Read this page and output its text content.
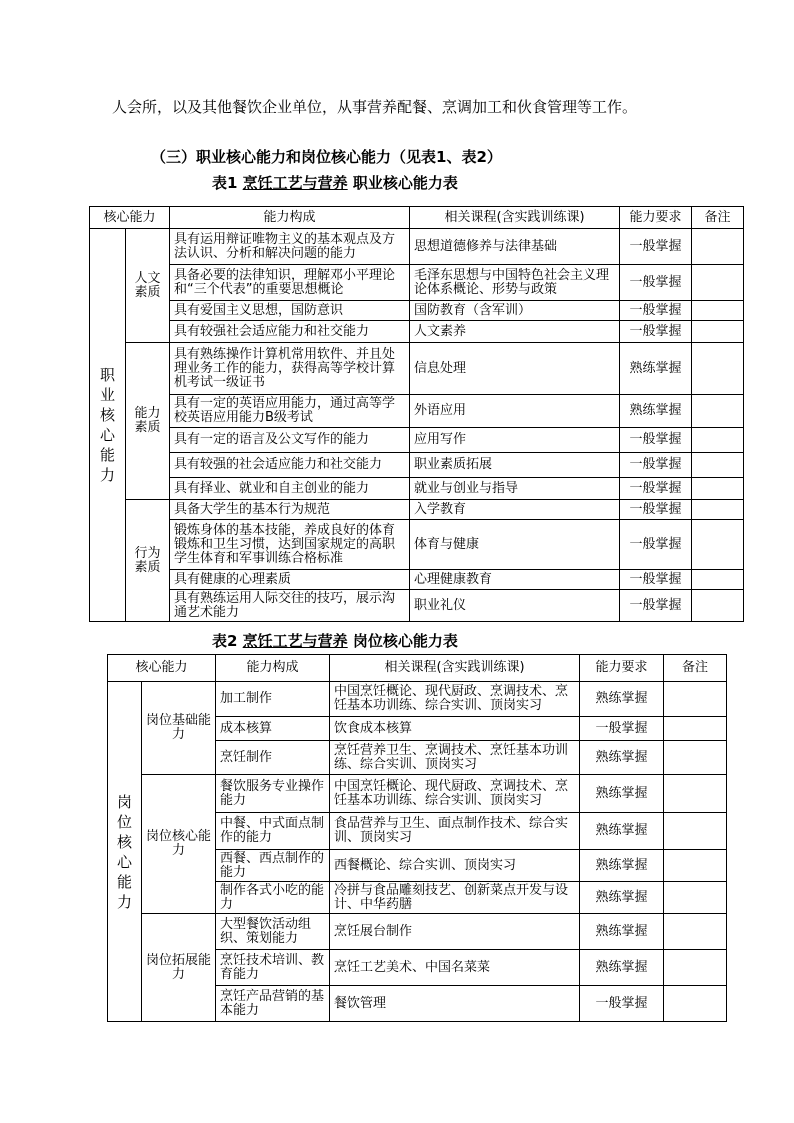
人会所，以及其他餐饮企业单位，从事营养配餐、烹调加工和伙食管理等工作。
（三）职业核心能力和岗位核心能力（见表1、表2）
表1 烹饪工艺与营养 职业核心能力表
核心能力		能力构成	相关课程(含实践训练课)	能力要求	备注
职业核心能力	人文素质	具有运用辩证唯物主义的基本观点及方法认识、分析和解决问题的能力	思想道德修养与法律基础	一般掌握	
		具备必要的法律知识，理解邓小平理论和“三个代表”的重要思想概论	毛泽东思想与中国特色社会主义理论体系概论、形势与政策	一般掌握	
		具有爱国主义思想，国防意识	国防教育（含军训）	一般掌握	
		具有较强社会适应能力和社交能力	人文素养	一般掌握	
	能力素质	具有熟练操作计算机常用软件、并且处理业务工作的能力，获得高等学校计算机考试一级证书	信息处理	熟练掌握	
		具有一定的英语应用能力，通过高等学校英语应用能力B级考试	外语应用	熟练掌握	
		具有一定的语言及公文写作的能力	应用写作	一般掌握	
		具有较强的社会适应能力和社交能力	职业素质拓展	一般掌握	
		具有择业、就业和自主创业的能力	就业与创业与指导	一般掌握	
	行为素质	具备大学生的基本行为规范	入学教育	一般掌握	
		锻炼身体的基本技能，养成良好的体育锻炼和卫生习惯，达到国家规定的高职学生体育和军事训练合格标准	体育与健康	一般掌握	
		具有健康的心理素质	心理健康教育	一般掌握	
		具有熟练运用人际交往的技巧，展示沟通艺术能力	职业礼仪	一般掌握	
表2 烹饪工艺与营养 岗位核心能力表
核心能力		能力构成	相关课程(含实践训练课)	能力要求	备注
岗位核心能力	岗位基础能力	加工制作	中国烹饪概论、现代厨政、烹调技术、烹饪基本功训练、综合实训、顶岗实习	熟练掌握	
		成本核算	饮食成本核算	一般掌握	
		烹饪制作	烹饪营养卫生、烹调技术、烹饪基本功训练、综合实训、顶岗实习	熟练掌握	
	岗位核心能力	餐饮服务专业操作能力	中国烹饪概论、现代厨政、烹调技术、烹饪基本功训练、综合实训、顶岗实习	熟练掌握	
		中餐、中式面点制作的能力	食品营养与卫生、面点制作技术、综合实训、顶岗实习	熟练掌握	
		西餐、西点制作的能力	西餐概论、综合实训、顶岗实习	熟练掌握	
		制作各式小吃的能力	冷拼与食品雕刻技艺、创新菜点开发与设计、中华药膳	熟练掌握	
	岗位拓展能力	大型餐饮活动组织、策划能力	烹饪展台制作	熟练掌握	
		烹饪技术培训、教育能力	烹饪工艺美术、中国名菜菜	熟练掌握	
		烹饪产品营销的基本能力	餐饮管理	一般掌握	
